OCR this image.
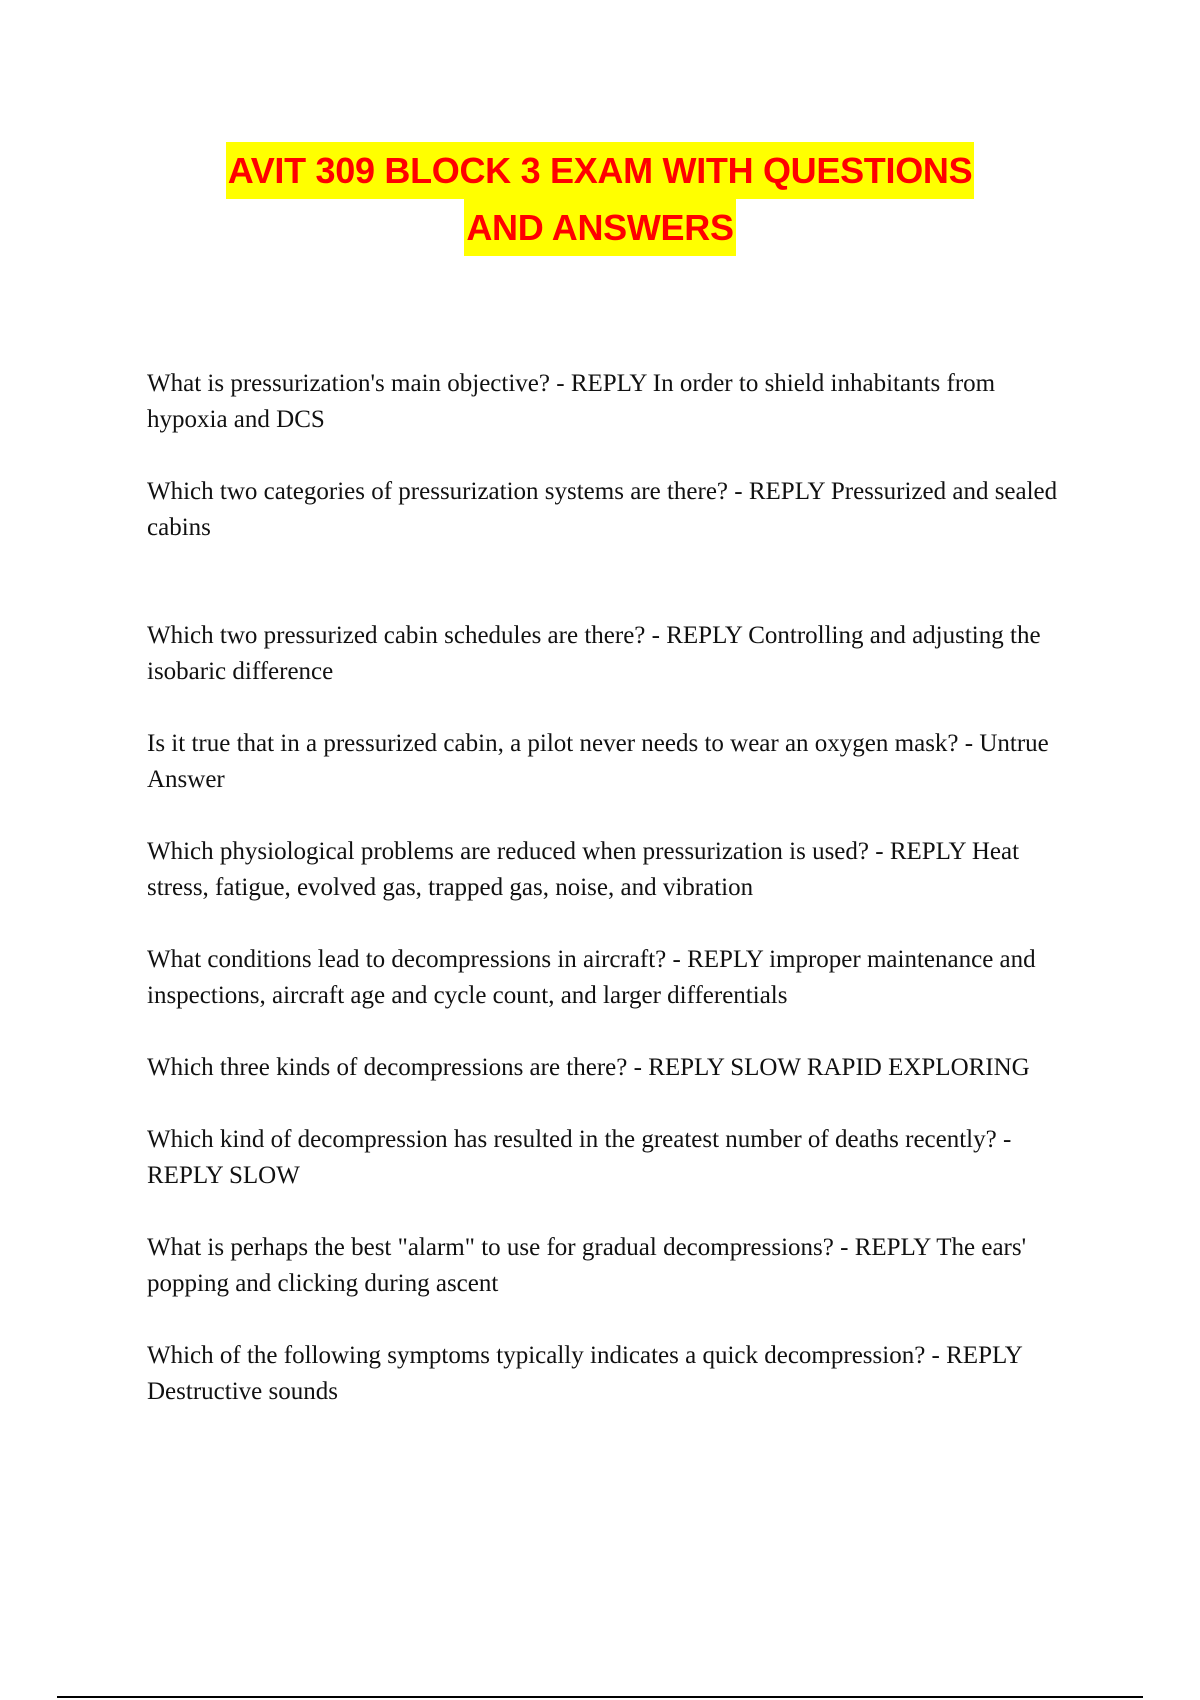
AVIT 309 BLOCK 3 EXAM WITH QUESTIONS
AND ANSWERS

What is pressurization's main objective? - REPLY In order to shield inhabitants from hypoxia and DCS

Which two categories of pressurization systems are there? - REPLY Pressurized and sealed cabins

Which two pressurized cabin schedules are there? - REPLY Controlling and adjusting the isobaric difference

Is it true that in a pressurized cabin, a pilot never needs to wear an oxygen mask? - Untrue Answer

Which physiological problems are reduced when pressurization is used? - REPLY Heat stress, fatigue, evolved gas, trapped gas, noise, and vibration

What conditions lead to decompressions in aircraft? - REPLY improper maintenance and inspections, aircraft age and cycle count, and larger differentials

Which three kinds of decompressions are there? - REPLY SLOW RAPID EXPLORING

Which kind of decompression has resulted in the greatest number of deaths recently? - REPLY SLOW

What is perhaps the best "alarm" to use for gradual decompressions? - REPLY The ears' popping and clicking during ascent

Which of the following symptoms typically indicates a quick decompression? - REPLY Destructive sounds
